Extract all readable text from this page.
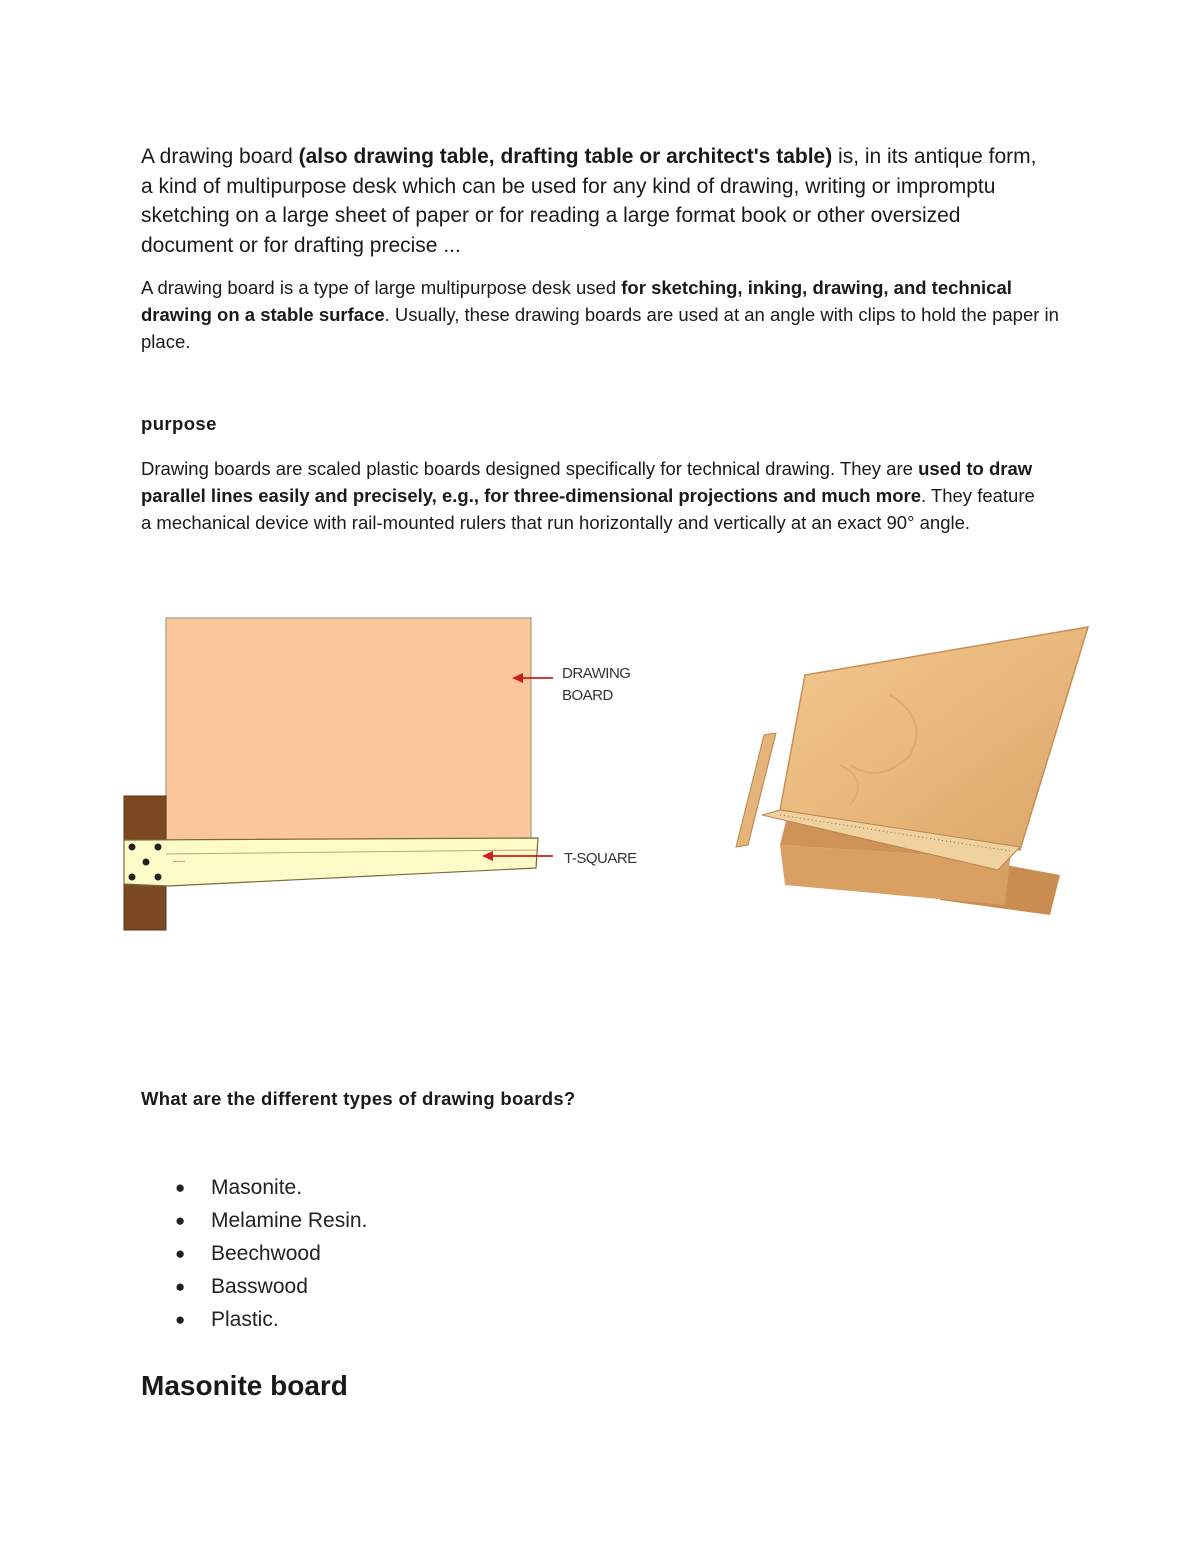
A drawing board (also drawing table, drafting table or architect's table) is, in its antique form, a kind of multipurpose desk which can be used for any kind of drawing, writing or impromptu sketching on a large sheet of paper or for reading a large format book or other oversized document or for drafting precise ...

A drawing board is a type of large multipurpose desk used for sketching, inking, drawing, and technical drawing on a stable surface. Usually, these drawing boards are used at an angle with clips to hold the paper in place.

purpose

Drawing boards are scaled plastic boards designed specifically for technical drawing. They are used to draw parallel lines easily and precisely, e.g., for three-dimensional projections and much more. They feature a mechanical device with rail-mounted rulers that run horizontally and vertically at an exact 90° angle.

~~~
DRAWING
BOARD
T-SQUARE
What are the different types of drawing boards?
● Masonite.
● Melamine Resin.
● Beechwood
● Basswood
● Plastic.
Masonite board
